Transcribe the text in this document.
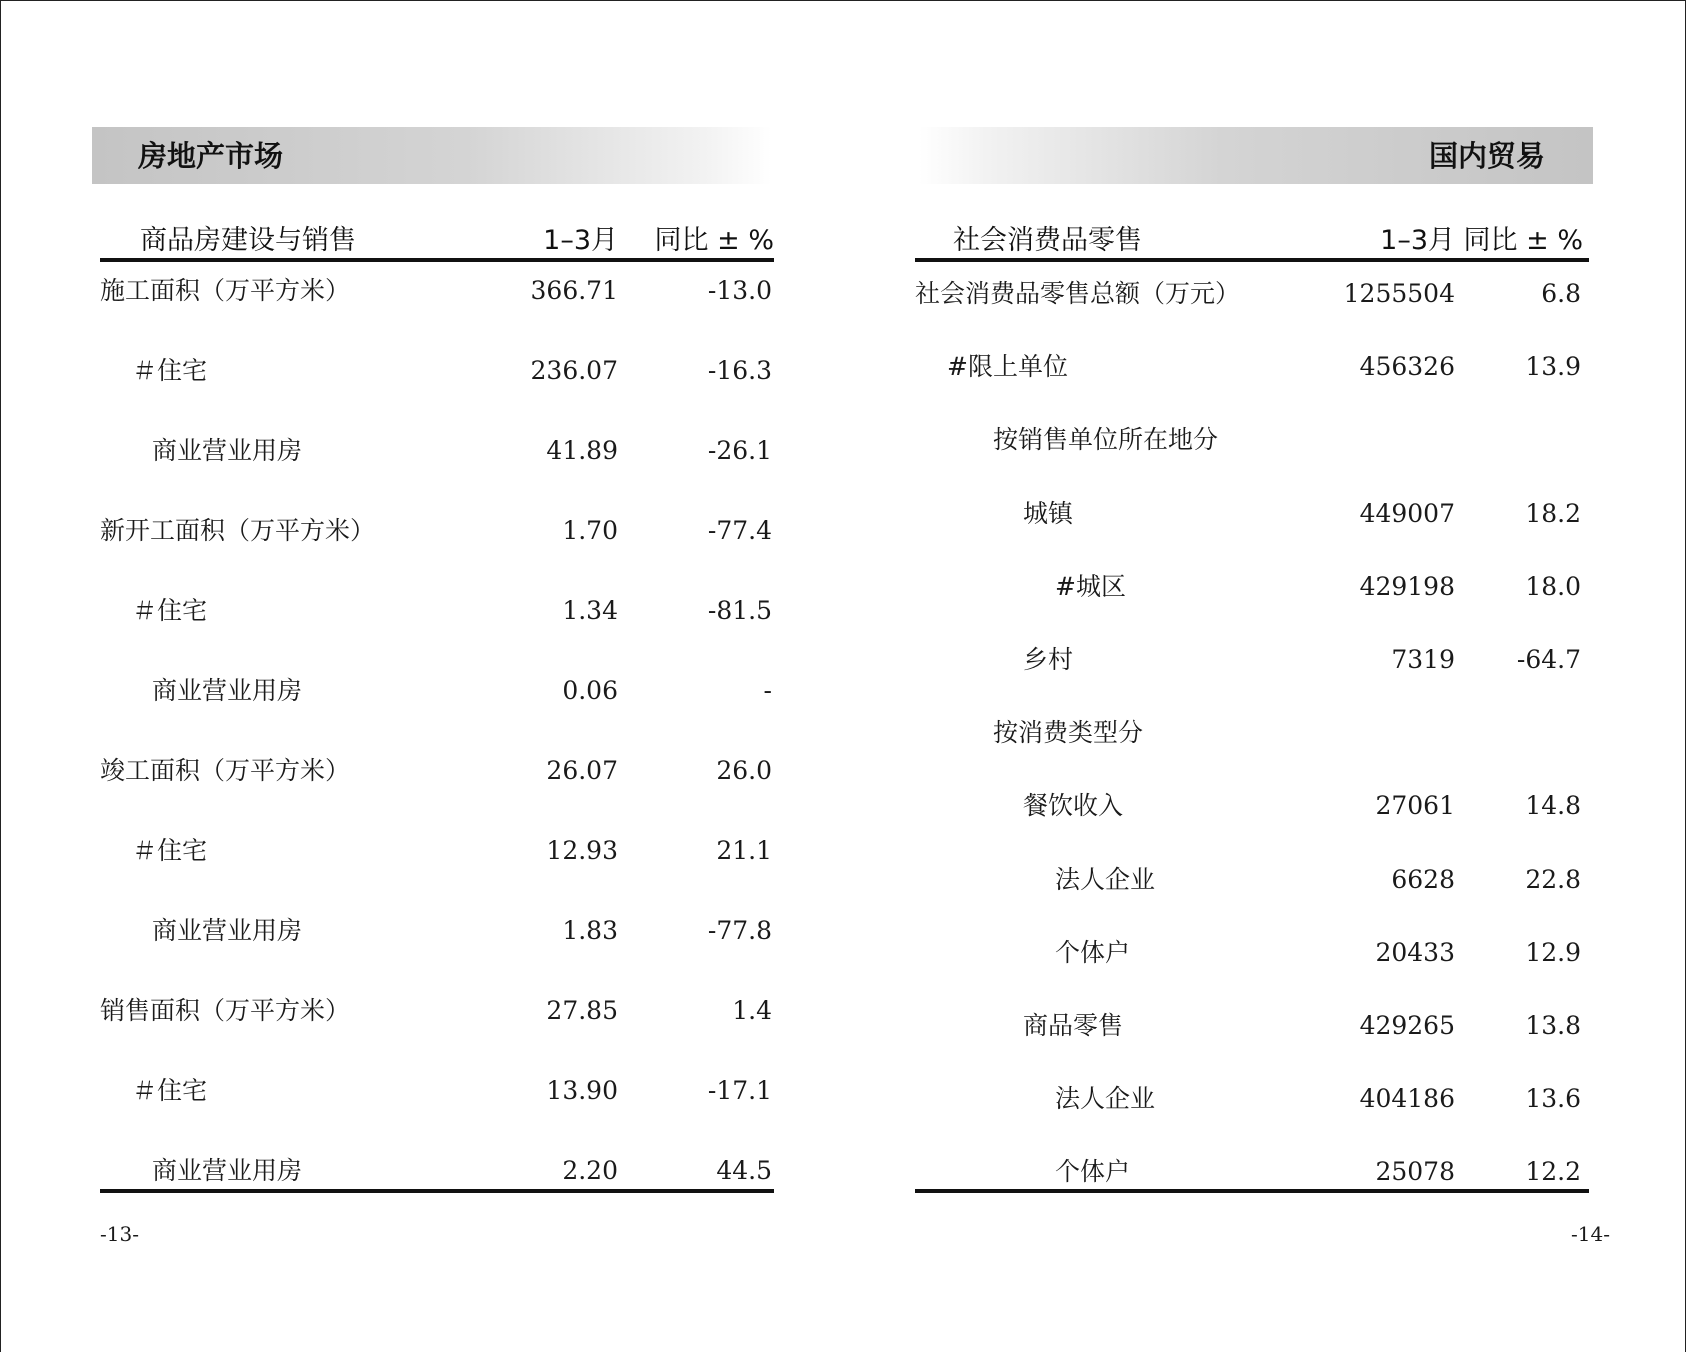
房地产市场
商品房建设与销售	1–3月 同比 ± %
施工面积（万平方米）	366.71	-13.0
＃住宅	236.07	-16.3
商业营业用房	41.89	-26.1
新开工面积（万平方米）	1.70	-77.4
＃住宅	1.34	-81.5
商业营业用房	0.06	-
竣工面积（万平方米）	26.07	26.0
＃住宅	12.93	21.1
商业营业用房	1.83	-77.8
销售面积（万平方米）	27.85	1.4
＃住宅	13.90	-17.1
商业营业用房	2.20	44.5
-13-
国内贸易
社会消费品零售	1–3月 同比 ± %
社会消费品零售总额（万元）	1255504	6.8
#限上单位	456326	13.9
按销售单位所在地分
城镇	449007	18.2
#城区	429198	18.0
乡村	7319 -64.7
按消费类型分
餐饮收入	27061	14.8
法人企业	6628	22.8
个体户	20433	12.9
商品零售	429265	13.8
法人企业	404186	13.6
个体户	25078	12.2
-14-
